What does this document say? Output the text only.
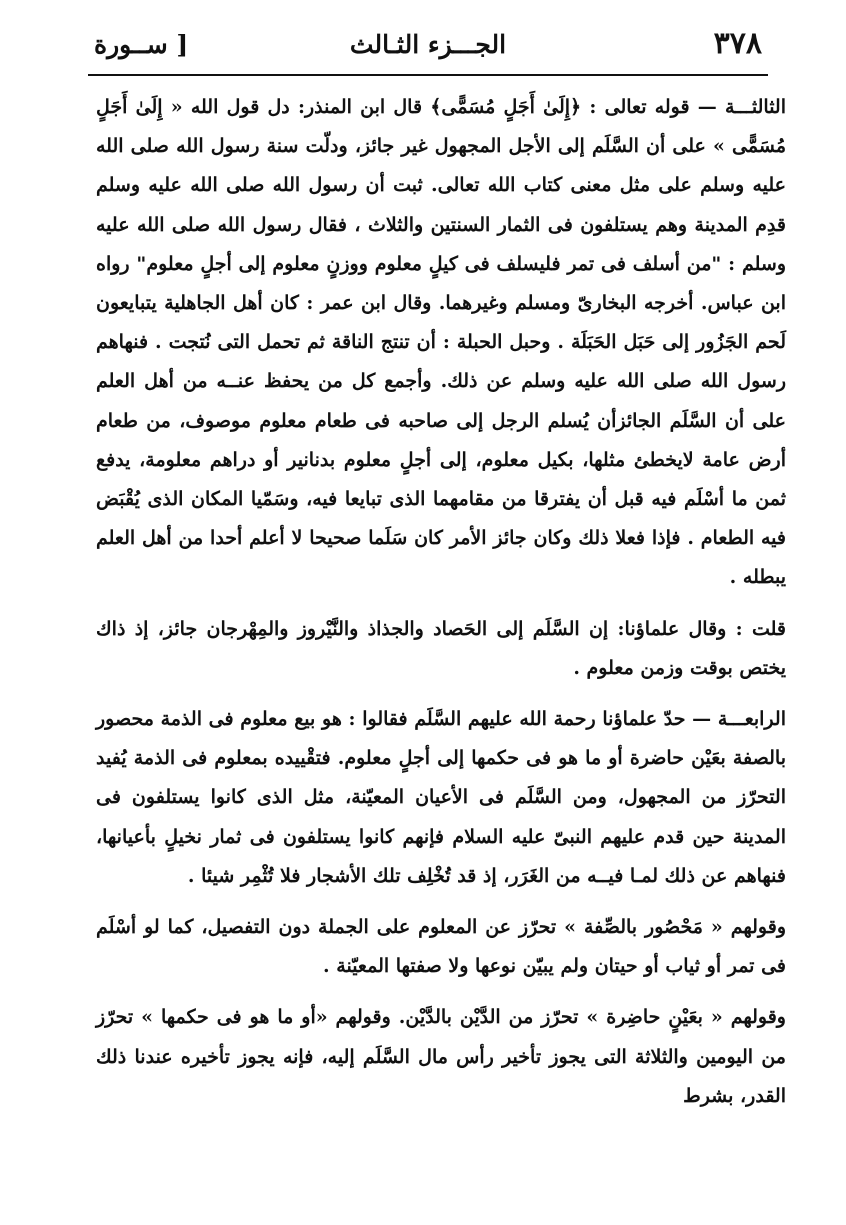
٣٧٨
الجـــزء الثـالث
[ ســورة

الثالثـــة — قوله تعالى : ﴿إِلَىٰ أَجَلٍ مُسَمًّى﴾ قال ابن المنذر: دل قول الله « إِلَىٰ أَجَلٍ مُسَمًّى » على أن السَّلَم إلى الأجل المجهول غير جائز، ودلّت سنة رسول الله صلى الله عليه وسلم على مثل معنى كتاب الله تعالى. ثبت أن رسول الله صلى الله عليه وسلم قدِم المدينة وهم يستلفون فى الثمار السنتين والثلاث ، فقال رسول الله صلى الله عليه وسلم : "من أسلف فى تمر فليسلف فى كيلٍ معلوم ووزنٍ معلوم إلى أجلٍ معلوم" رواه ابن عباس. أخرجه البخارىّ ومسلم وغيرهما. وقال ابن عمر : كان أهل الجاهلية يتبايعون لَحم الجَزُور إلى حَبَل الحَبَلَة . وحبل الحبلة : أن تنتج الناقة ثم تحمل التى نُتجت . فنهاهم رسول الله صلى الله عليه وسلم عن ذلك. وأجمع كل من يحفظ عنــه من أهل العلم على أن السَّلَم الجائزأن يُسلم الرجل إلى صاحبه فى طعام معلوم موصوف، من طعام أرض عامة لايخطئ مثلها، بكيل معلوم، إلى أجلٍ معلوم بدنانير أو دراهم معلومة، يدفع ثمن ما أسْلَم فيه قبل أن يفترقا من مقامهما الذى تبايعا فيه، وسَمّيا المكان الذى يُقْبَض فيه الطعام . فإذا فعلا ذلك وكان جائز الأمر كان سَلَما صحيحا لا أعلم أحدا من أهل العلم يبطله .

قلت : وقال علماؤنا: إن السَّلَم إلى الحَصاد والجذاذ والنَّيْروز والمِهْرجان جائز، إذ ذاك يختص بوقت وزمن معلوم .

الرابعـــة — حدّ علماؤنا رحمة الله عليهم السَّلَم فقالوا : هو بيع معلوم فى الذمة محصور بالصفة بعَيْن حاضرة أو ما هو فى حكمها إلى أجلٍ معلوم. فتقْييده بمعلوم فى الذمة يُفيد التحرّز من المجهول، ومن السَّلَم فى الأعيان المعيّنة، مثل الذى كانوا يستلفون فى المدينة حين قدم عليهم النبىّ عليه السلام فإنهم كانوا يستلفون فى ثمار نخيلٍ بأعيانها، فنهاهم عن ذلك لمـا فيــه من الغَرَر، إذ قد تُخْلِف تلك الأشجار فلا تُثْمِر شيئا .

وقولهم « مَحْصُور بالصِّفة » تحرّز عن المعلوم على الجملة دون التفصيل، كما لو أسْلَم فى تمر أو ثياب أو حيتان ولم يبيّن نوعها ولا صفتها المعيّنة .

وقولهم « بعَيْنٍ حاضِرة » تحرّز من الدَّيْن بالدَّيْن. وقولهم «أو ما هو فى حكمها » تحرّز من اليومين والثلاثة التى يجوز تأخير رأس مال السَّلَم إليه، فإنه يجوز تأخيره عندنا ذلك القدر، بشرط
